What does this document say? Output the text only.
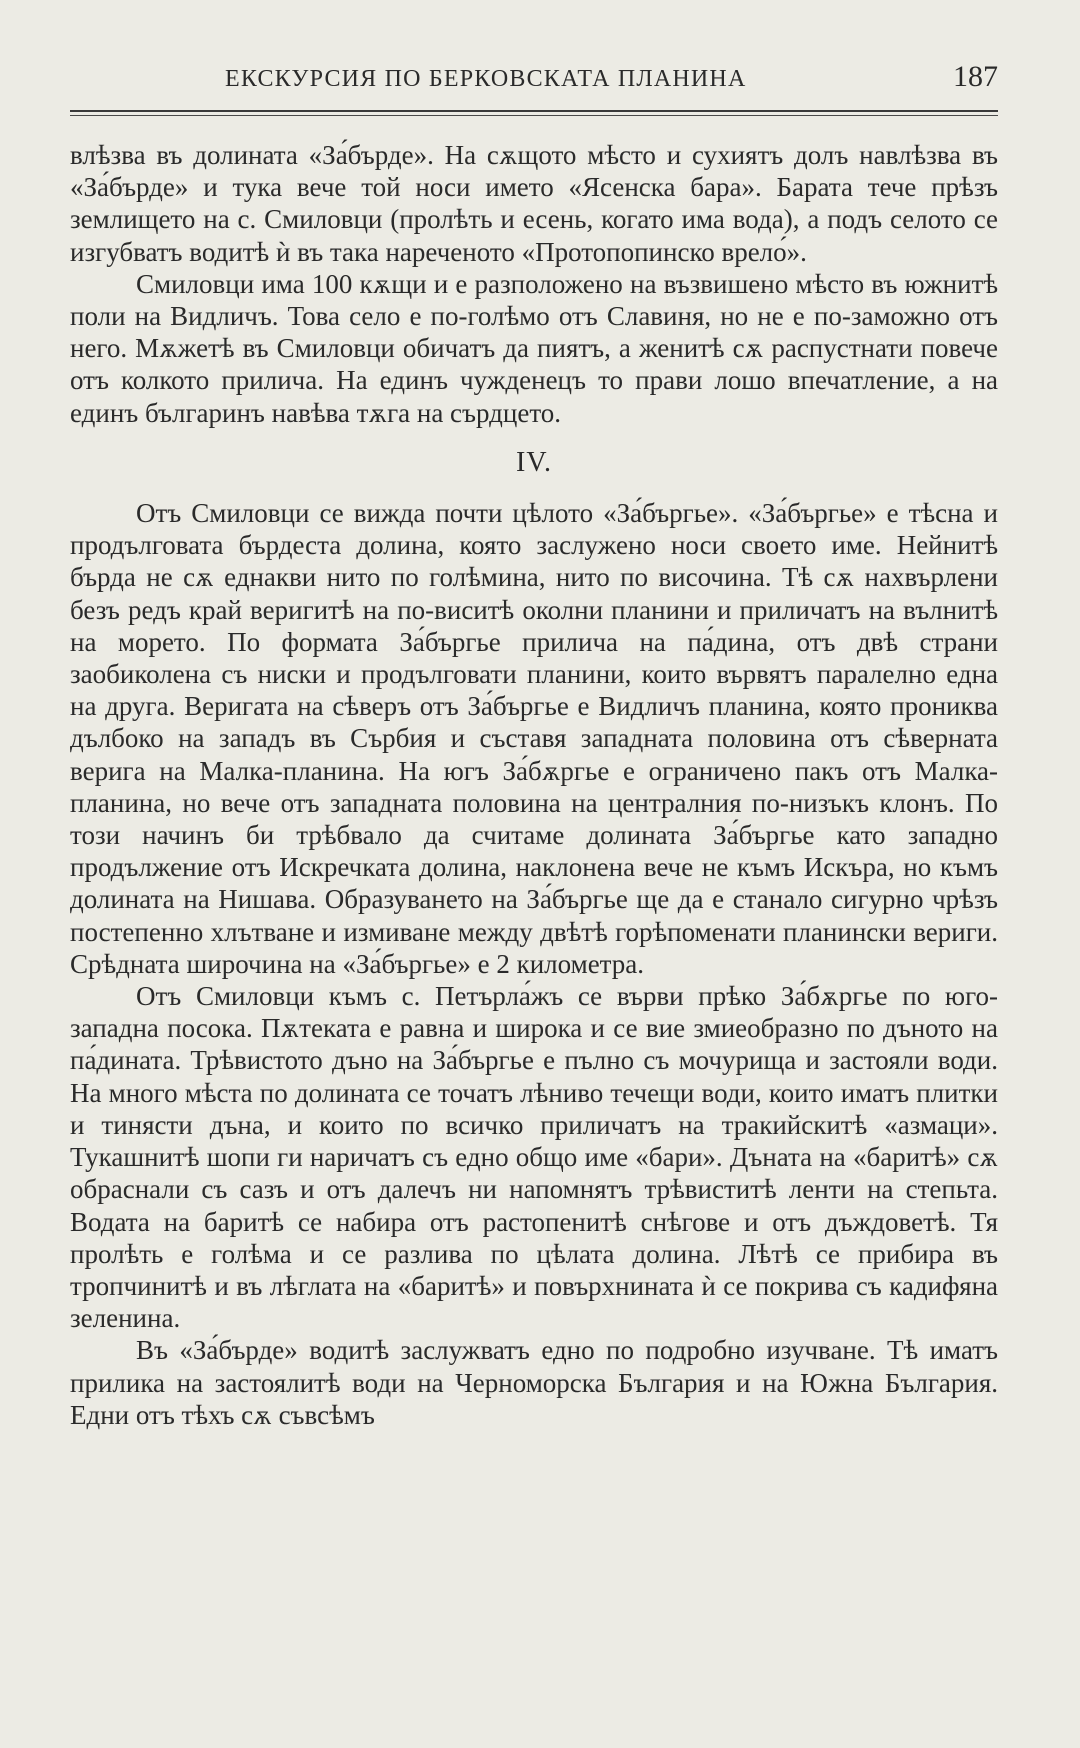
ЕКСКУРСИЯ ПО БЕРКОВСКАТА ПЛАНИНА	187

влѣзва въ долината «За́бърде». На сѫщото мѣсто и сухиятъ долъ навлѣзва въ «За́бърде» и тука вече той носи името «Ясенска бара». Барата тече прѣзъ землището на с. Смиловци (пролѣть и есень, когато има вода), а подъ селото се изгубватъ водитѣ ѝ въ така нареченото «Протопопинско врело́».

Смиловци има 100 кѫщи и е разположено на възвишено мѣсто въ южнитѣ поли на Видличъ. Това село е по-голѣмо отъ Славиня, но не е по-заможно отъ него. Мѫжетѣ въ Смиловци обичатъ да пиятъ, а женитѣ сѫ распустнати повече отъ колкото прилича. На единъ чужденецъ то прави лошо впечатление, а на единъ българинъ навѣва тѫга на сърдцето.

IV.

Отъ Смиловци се вижда почти цѣлото «За́бъргье». «За́бъргье» е тѣсна и продълговата бърдеста долина, която заслужено носи своето име. Нейнитѣ бърда не сѫ еднакви нито по голѣмина, нито по височина. Тѣ сѫ нахвърлени безъ редъ край веригитѣ на по-виситѣ околни планини и приличатъ на вълнитѣ на морето. По формата За́бъргье прилича на па́дина, отъ двѣ страни заобиколена съ ниски и продълговати планини, които вървятъ паралелно една на друга. Веригата на сѣверъ отъ За́бъргье е Видличъ планина, която прониква дълбоко на западъ въ Сърбия и съставя западната половина отъ сѣверната верига на Малка-планина. На югъ За́бѫргье е ограничено пакъ отъ Малка-планина, но вече отъ западната половина на централния по-низъкъ клонъ. По този начинъ би трѣбвало да считаме долината За́бъргье като западно продължение отъ Искречката долина, наклонена вече не къмъ Искъра, но къмъ долината на Нишава. Образуването на За́бъргье ще да е станало сигурно чрѣзъ постепенно хлътване и измиване между двѣтѣ горѣпоменати планински вериги. Срѣдната широчина на «За́бъргье» е 2 километра.

Отъ Смиловци къмъ с. Петърла́жъ се върви прѣко За́бѫргье по юго-западна посока. Пѫтеката е равна и широка и се вие змиеобразно по дъното на па́дината. Трѣвистото дъно на За́бъргье е пълно съ мочурища и застояли води. На много мѣста по долината се точатъ лѣниво течещи води, които иматъ плитки и тинясти дъна, и които по всичко приличатъ на тракийскитѣ «азмаци». Тукашнитѣ шопи ги наричатъ съ едно общо име «бари». Дъната на «баритѣ» сѫ обраснали съ сазъ и отъ далечъ ни напомнятъ трѣвиститѣ ленти на степьта. Водата на баритѣ се набира отъ растопенитѣ снѣгове и отъ дъждоветѣ. Тя пролѣть е голѣма и се разлива по цѣлата долина. Лѣтѣ се прибира въ тропчинитѣ и въ лѣглата на «баритѣ» и повърхнината ѝ се покрива съ кадифяна зеленина.

Въ «За́бърде» водитѣ заслужватъ едно по подробно изучване. Тѣ иматъ прилика на застоялитѣ води на Черноморска България и на Южна България. Едни отъ тѣхъ сѫ съвсѣмъ
